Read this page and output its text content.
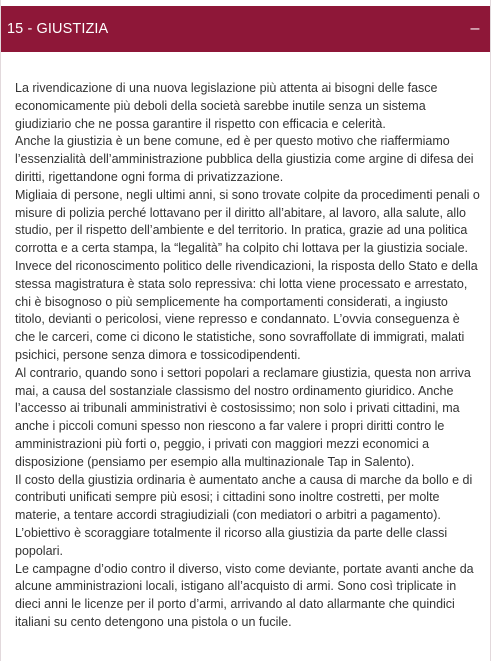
15 - GIUSTIZIA	–

La rivendicazione di una nuova legislazione più attenta ai bisogni delle fasce economicamente più deboli della società sarebbe inutile senza un sistema giudiziario che ne possa garantire il rispetto con efficacia e celerità.

Anche la giustizia è un bene comune, ed è per questo motivo che riaffermiamo l’essenzialità dell’amministrazione pubblica della giustizia come argine di difesa dei diritti, rigettandone ogni forma di privatizzazione.

Migliaia di persone, negli ultimi anni, si sono trovate colpite da procedimenti penali o misure di polizia perché lottavano per il diritto all’abitare, al lavoro, alla salute, allo studio, per il rispetto dell’ambiente e del territorio. In pratica, grazie ad una politica corrotta e a certa stampa, la “legalità” ha colpito chi lottava per la giustizia sociale. Invece del riconoscimento politico delle rivendicazioni, la risposta dello Stato e della stessa magistratura è stata solo repressiva: chi lotta viene processato e arrestato, chi è bisognoso o più semplicemente ha comportamenti considerati, a ingiusto titolo, devianti o pericolosi, viene represso e condannato. L’ovvia conseguenza è che le carceri, come ci dicono le statistiche, sono sovraffollate di immigrati, malati psichici, persone senza dimora e tossicodipendenti.

Al contrario, quando sono i settori popolari a reclamare giustizia, questa non arriva mai, a causa del sostanziale classismo del nostro ordinamento giuridico. Anche l’accesso ai tribunali amministrativi è costosissimo; non solo i privati cittadini, ma anche i piccoli comuni spesso non riescono a far valere i propri diritti contro le amministrazioni più forti o, peggio, i privati con maggiori mezzi economici a disposizione (pensiamo per esempio alla multinazionale Tap in Salento).

Il costo della giustizia ordinaria è aumentato anche a causa di marche da bollo e di contributi unificati sempre più esosi; i cittadini sono inoltre costretti, per molte materie, a tentare accordi stragiudiziali (con mediatori o arbitri a pagamento). L’obiettivo è scoraggiare totalmente il ricorso alla giustizia da parte delle classi popolari.

Le campagne d’odio contro il diverso, visto come deviante, portate avanti anche da alcune amministrazioni locali, istigano all’acquisto di armi. Sono così triplicate in dieci anni le licenze per il porto d’armi, arrivando al dato allarmante che quindici italiani su cento detengono una pistola o un fucile.
